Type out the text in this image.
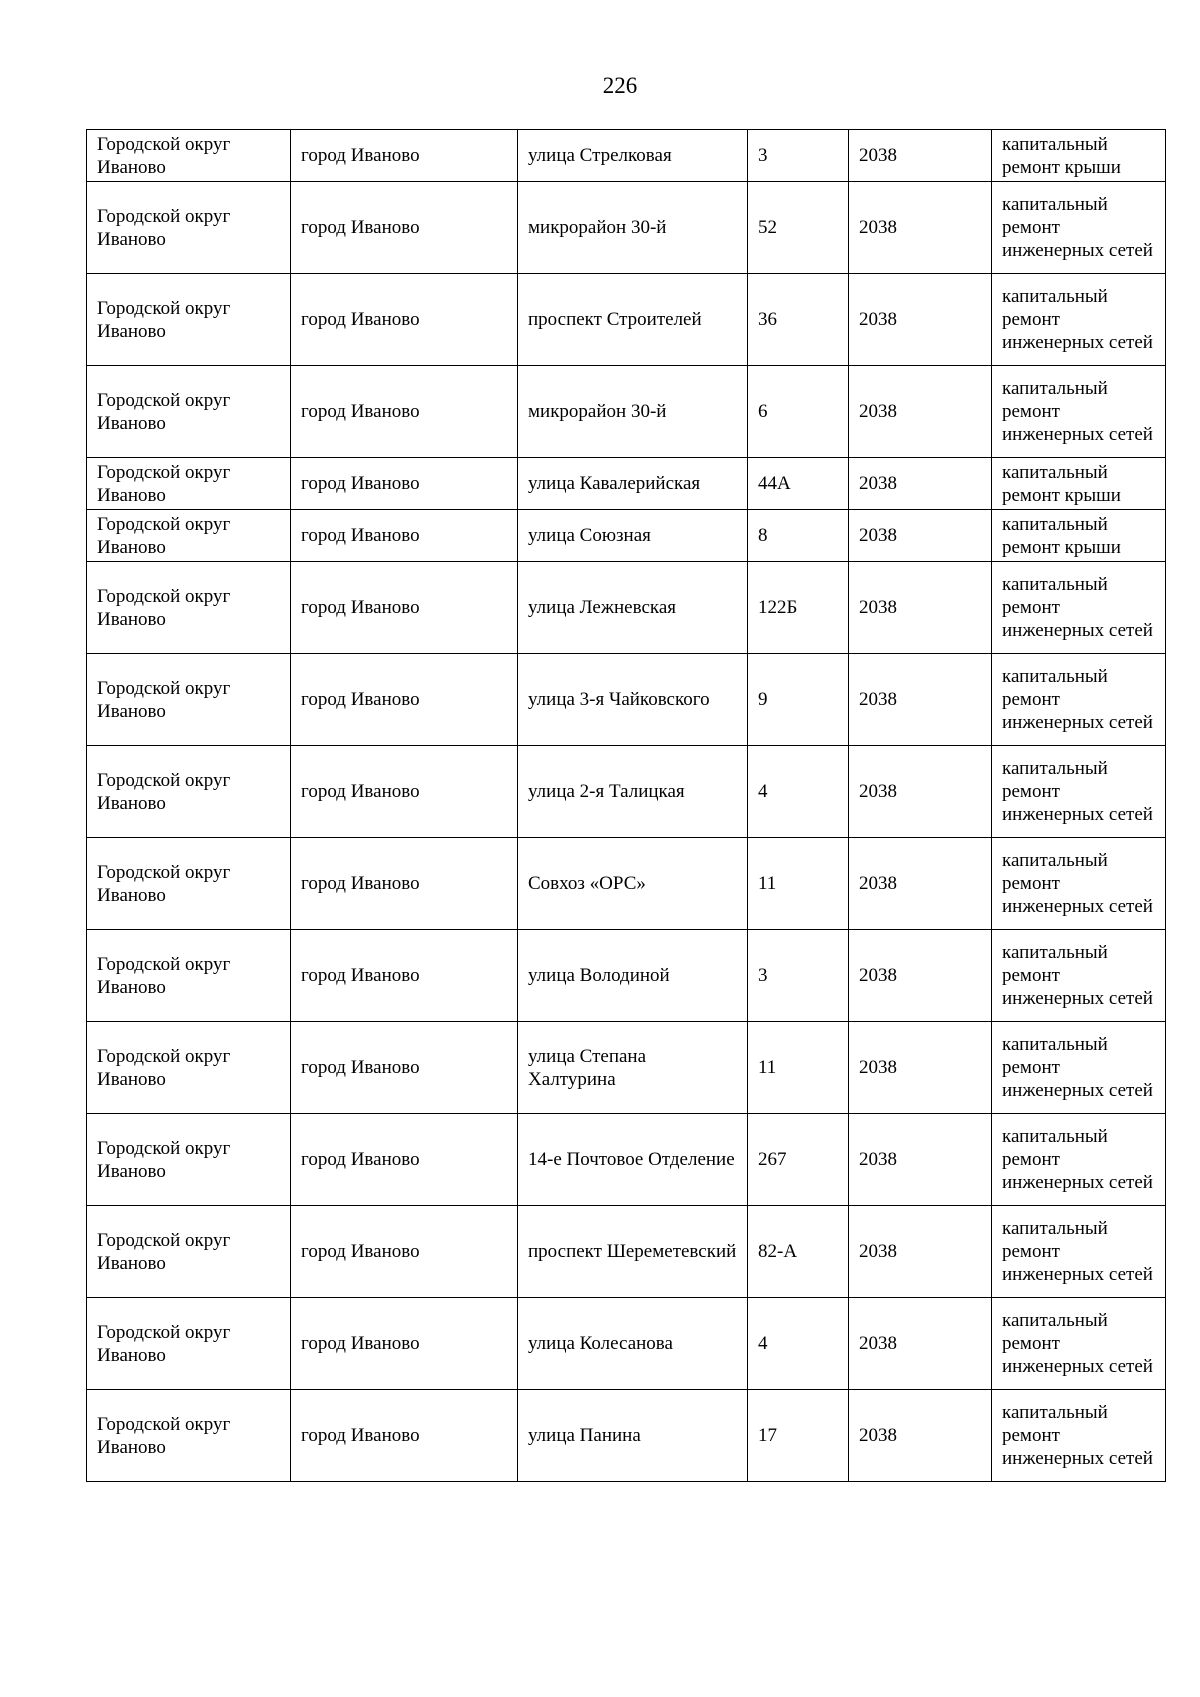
226
Городской округ Иваново	город Иваново	улица Стрелковая	3	2038	капитальный ремонт крыши
Городской округ Иваново	город Иваново	микрорайон 30-й	52	2038	капитальный ремонт инженерных сетей
Городской округ Иваново	город Иваново	проспект Строителей	36	2038	капитальный ремонт инженерных сетей
Городской округ Иваново	город Иваново	микрорайон 30-й	6	2038	капитальный ремонт инженерных сетей
Городской округ Иваново	город Иваново	улица Кавалерийская	44А	2038	капитальный ремонт крыши
Городской округ Иваново	город Иваново	улица Союзная	8	2038	капитальный ремонт крыши
Городской округ Иваново	город Иваново	улица Лежневская	122Б	2038	капитальный ремонт инженерных сетей
Городской округ Иваново	город Иваново	улица 3-я Чайковского	9	2038	капитальный ремонт инженерных сетей
Городской округ Иваново	город Иваново	улица 2-я Талицкая	4	2038	капитальный ремонт инженерных сетей
Городской округ Иваново	город Иваново	Совхоз «ОРС»	11	2038	капитальный ремонт инженерных сетей
Городской округ Иваново	город Иваново	улица Володиной	3	2038	капитальный ремонт инженерных сетей
Городской округ Иваново	город Иваново	улица Степана Халтурина	11	2038	капитальный ремонт инженерных сетей
Городской округ Иваново	город Иваново	14-е Почтовое Отделение	267	2038	капитальный ремонт инженерных сетей
Городской округ Иваново	город Иваново	проспект Шереметевский	82-А	2038	капитальный ремонт инженерных сетей
Городской округ Иваново	город Иваново	улица Колесанова	4	2038	капитальный ремонт инженерных сетей
Городской округ Иваново	город Иваново	улица Панина	17	2038	капитальный ремонт инженерных сетей
